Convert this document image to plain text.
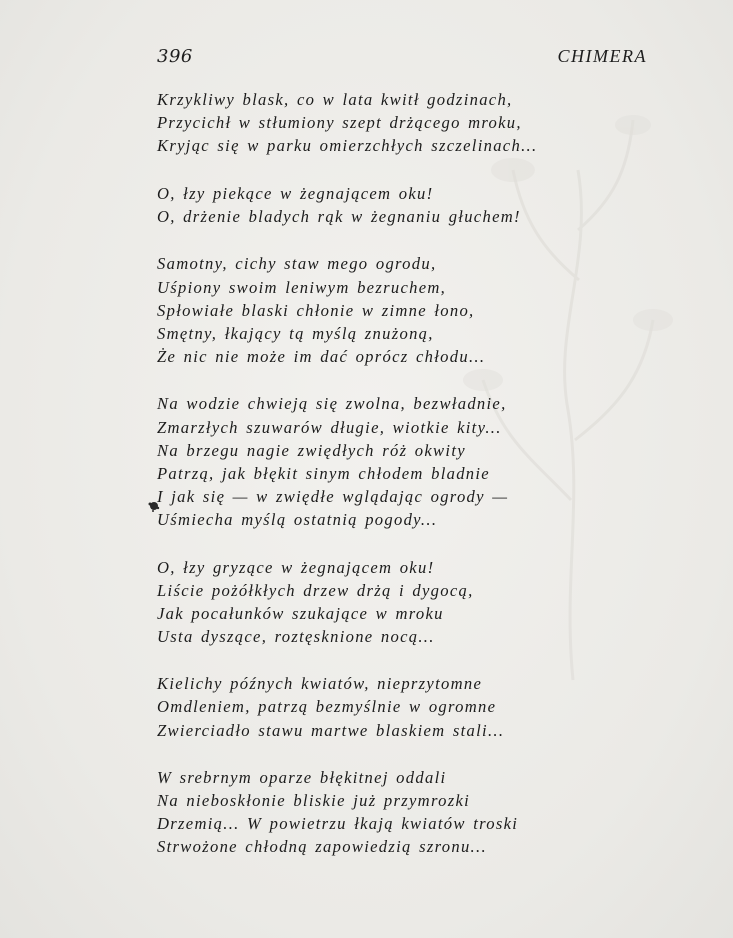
396	CHIMERA
Krzykliwy blask, co w lata kwitł godzinach,
Przycichł w stłumiony szept drżącego mroku,
Kryjąc się w parku omierzchłych szczelinach...
O, łzy piekące w żegnającem oku!
O, drżenie bladych rąk w żegnaniu głuchem!
Samotny, cichy staw mego ogrodu,
Uśpiony swoim leniwym bezruchem,
Spłowiałe blaski chłonie w zimne łono,
Smętny, łkający tą myślą znużoną,
Że nic nie może im dać oprócz chłodu...
Na wodzie chwieją się zwolna, bezwładnie,
Zmarzłych szuwarów długie, wiotkie kity...
Na brzegu nagie zwiędłych róż okwity
Patrzą, jak błękit sinym chłodem bladnie
I jak się — w zwiędłe wglądając ogrody —
Uśmiecha myślą ostatnią pogody...
O, łzy gryzące w żegnającem oku!
Liście pożółkłych drzew drżą i dygocą,
Jak pocałunków szukające w mroku
Usta dyszące, roztęsknione nocą...
Kielichy późnych kwiatów, nieprzytomne
Omdleniem, patrzą bezmyślnie w ogromne
Zwierciadło stawu martwe blaskiem stali...
W srebrnym oparze błękitnej oddali
Na nieboskłonie bliskie już przymrozki
Drzemią... W powietrzu łkają kwiatów troski
Strwożone chłodną zapowiedzią szronu...
